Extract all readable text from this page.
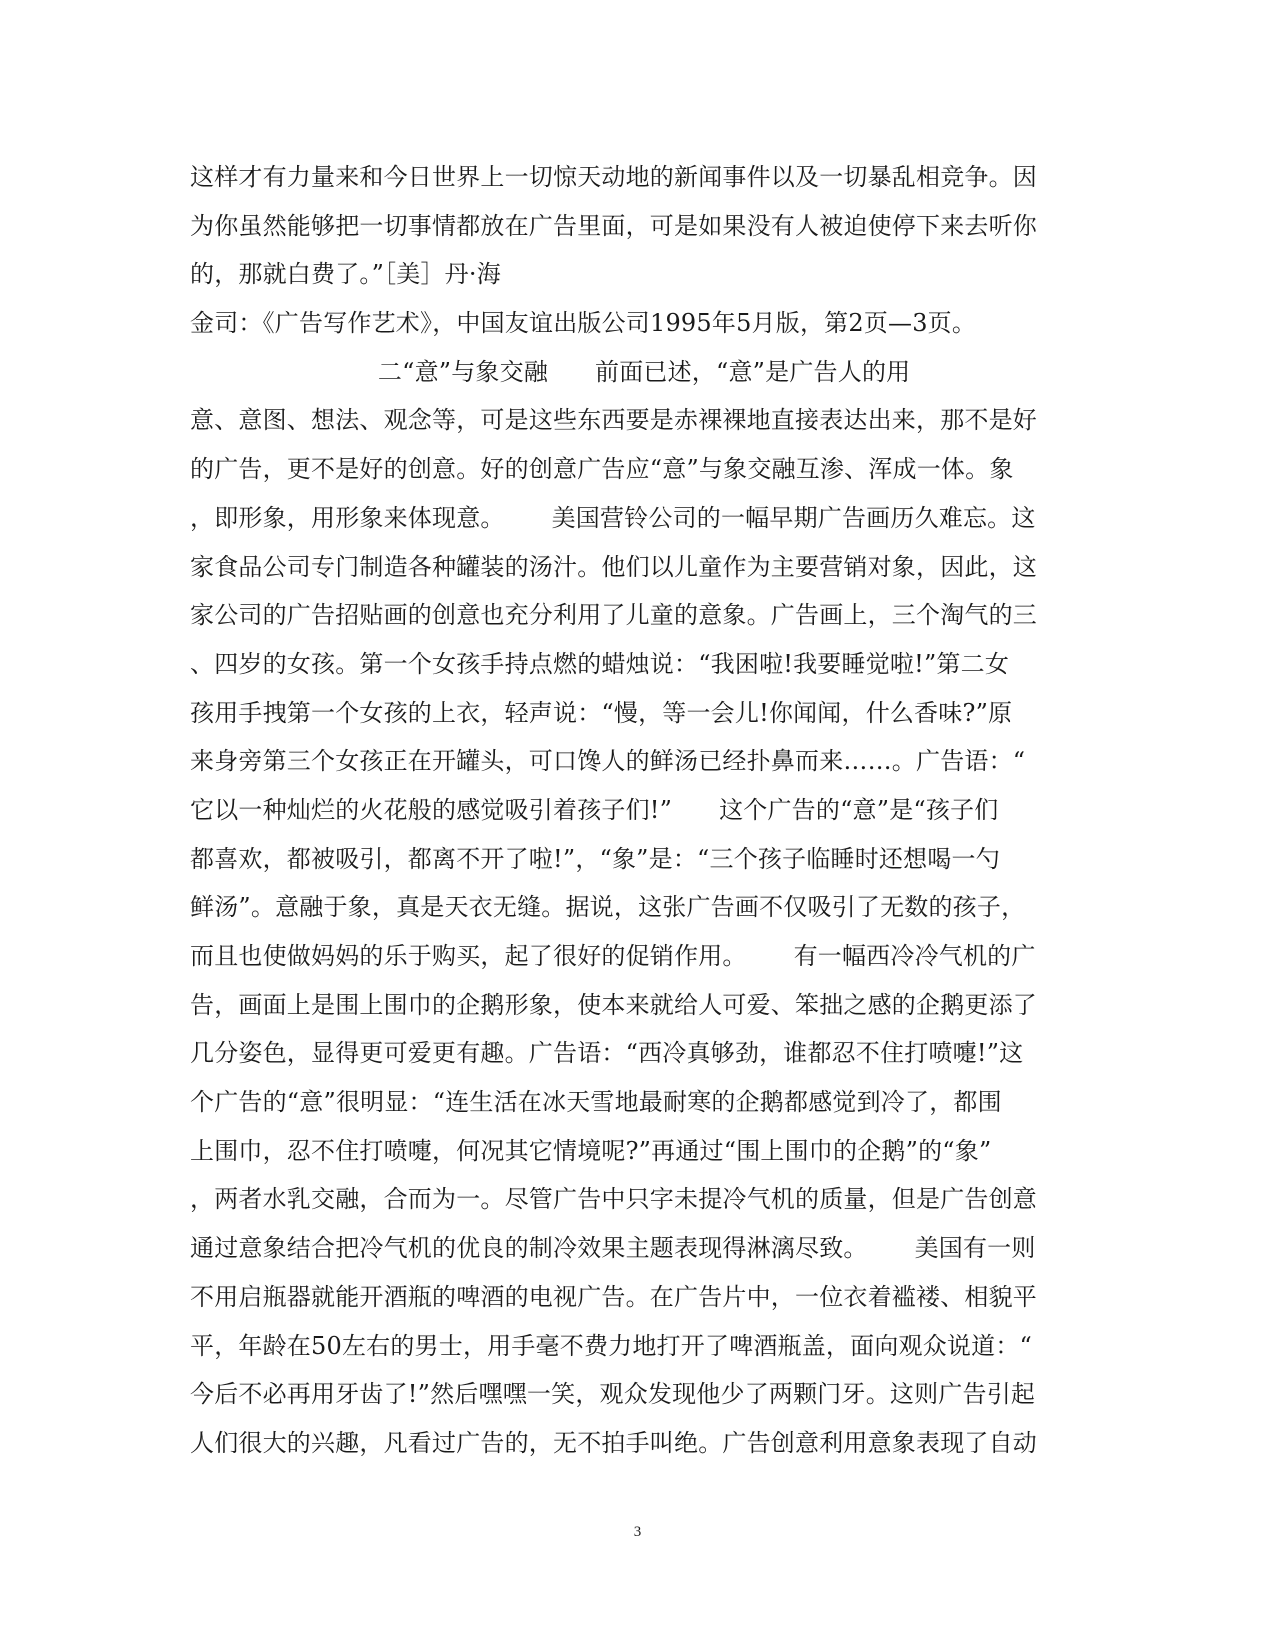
这样才有力量来和今日世界上一切惊天动地的新闻事件以及一切暴乱相竞争。因
为你虽然能够把一切事情都放在广告里面，可是如果没有人被迫使停下来去听你
的，那就白费了。”［美］丹·海
金司：《广告写作艺术》，中国友谊出版公司1995年5月版，第2页—3页。
二“意”与象交融      前面已述，“意”是广告人的用
意、意图、想法、观念等，可是这些东西要是赤裸裸地直接表达出来，那不是好
的广告，更不是好的创意。好的创意广告应“意”与象交融互渗、浑成一体。象
，即形象，用形象来体现意。      美国营铃公司的一幅早期广告画历久难忘。这
家食品公司专门制造各种罐装的汤汁。他们以儿童作为主要营销对象，因此，这
家公司的广告招贴画的创意也充分利用了儿童的意象。广告画上，三个淘气的三
、四岁的女孩。第一个女孩手持点燃的蜡烛说：“我困啦!我要睡觉啦!”第二女
孩用手拽第一个女孩的上衣，轻声说：“慢，等一会儿!你闻闻，什么香味?”原
来身旁第三个女孩正在开罐头，可口馋人的鲜汤已经扑鼻而来……。广告语：“
它以一种灿烂的火花般的感觉吸引着孩子们!”      这个广告的“意”是“孩子们
都喜欢，都被吸引，都离不开了啦!”，“象”是：“三个孩子临睡时还想喝一勺
鲜汤”。意融于象，真是天衣无缝。据说，这张广告画不仅吸引了无数的孩子，
而且也使做妈妈的乐于购买，起了很好的促销作用。      有一幅西冷冷气机的广
告，画面上是围上围巾的企鹅形象，使本来就给人可爱、笨拙之感的企鹅更添了
几分姿色，显得更可爱更有趣。广告语：“西冷真够劲，谁都忍不住打喷嚏!”这
个广告的“意”很明显：“连生活在冰天雪地最耐寒的企鹅都感觉到冷了，都围
上围巾，忍不住打喷嚏，何况其它情境呢?”再通过“围上围巾的企鹅”的“象”
，两者水乳交融，合而为一。尽管广告中只字未提冷气机的质量，但是广告创意
通过意象结合把冷气机的优良的制冷效果主题表现得淋漓尽致。      美国有一则
不用启瓶器就能开酒瓶的啤酒的电视广告。在广告片中，一位衣着褴褛、相貌平
平，年龄在50左右的男士，用手毫不费力地打开了啤酒瓶盖，面向观众说道：“
今后不必再用牙齿了!”然后嘿嘿一笑，观众发现他少了两颗门牙。这则广告引起
人们很大的兴趣，凡看过广告的，无不拍手叫绝。广告创意利用意象表现了自动
3
